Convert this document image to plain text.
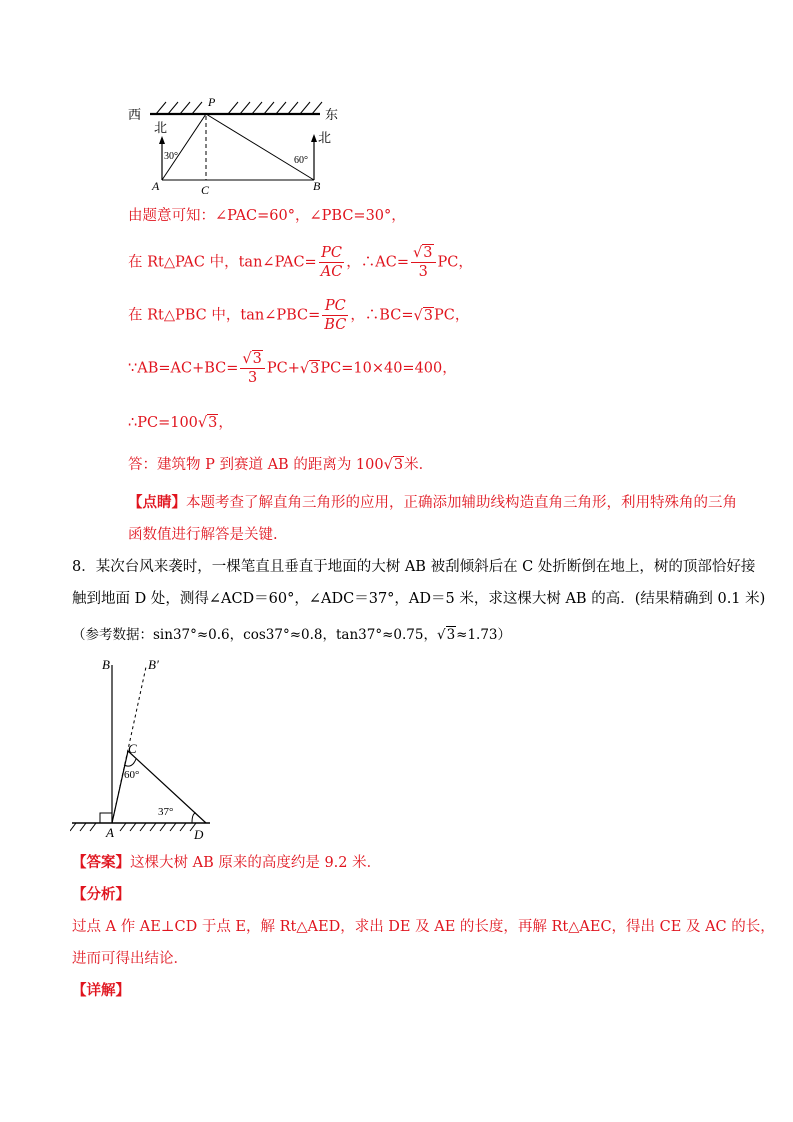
西	东
P
北
北
30°	60°
A	C	B
由题意可知：∠PAC=60°，∠PBC=30°，
在 Rt△PAC 中，tan∠PAC= $\frac{PC}{AC}$ ，∴AC= $\frac{√3}{3}$ PC，
在 Rt△PBC 中，tan∠PBC= $\frac{PC}{BC}$ ，∴BC=√3PC，
∵AB=AC+BC= $\frac{√3}{3} PC+√3PC=10\times 40=400$，
∴PC=100√3，
答：建筑物 P 到赛道 AB 的距离为 100√3米．
【点睛】本题考查了解直角三角形的应用，正确添加辅助线构造直角三角形，利用特殊角的三角
函数值进行解答是关键.
8．某次台风来袭时，一棵笔直且垂直于地面的大树 AB 被刮倾斜后在 C 处折断倒在地上，树的顶部恰好接
触到地面 D 处，测得∠ACD＝60°，∠ADC＝37°，AD＝5 米，求这棵大树 AB 的高．(结果精确到 0.1 米)
（参考数据：sin37°≈0.6，cos37°≈0.8，tan37°≈0.75，√3≈1.73）
B	B′
C
60°
37°
A	D
【答案】这棵大树 AB 原来的高度约是 9.2 米．
【分析】
过点 A 作 AE⊥CD 于点 E，解 Rt△AED，求出 DE 及 AE 的长度，再解 Rt△AEC，得出 CE 及 AC 的长，
进而可得出结论．
【详解】
